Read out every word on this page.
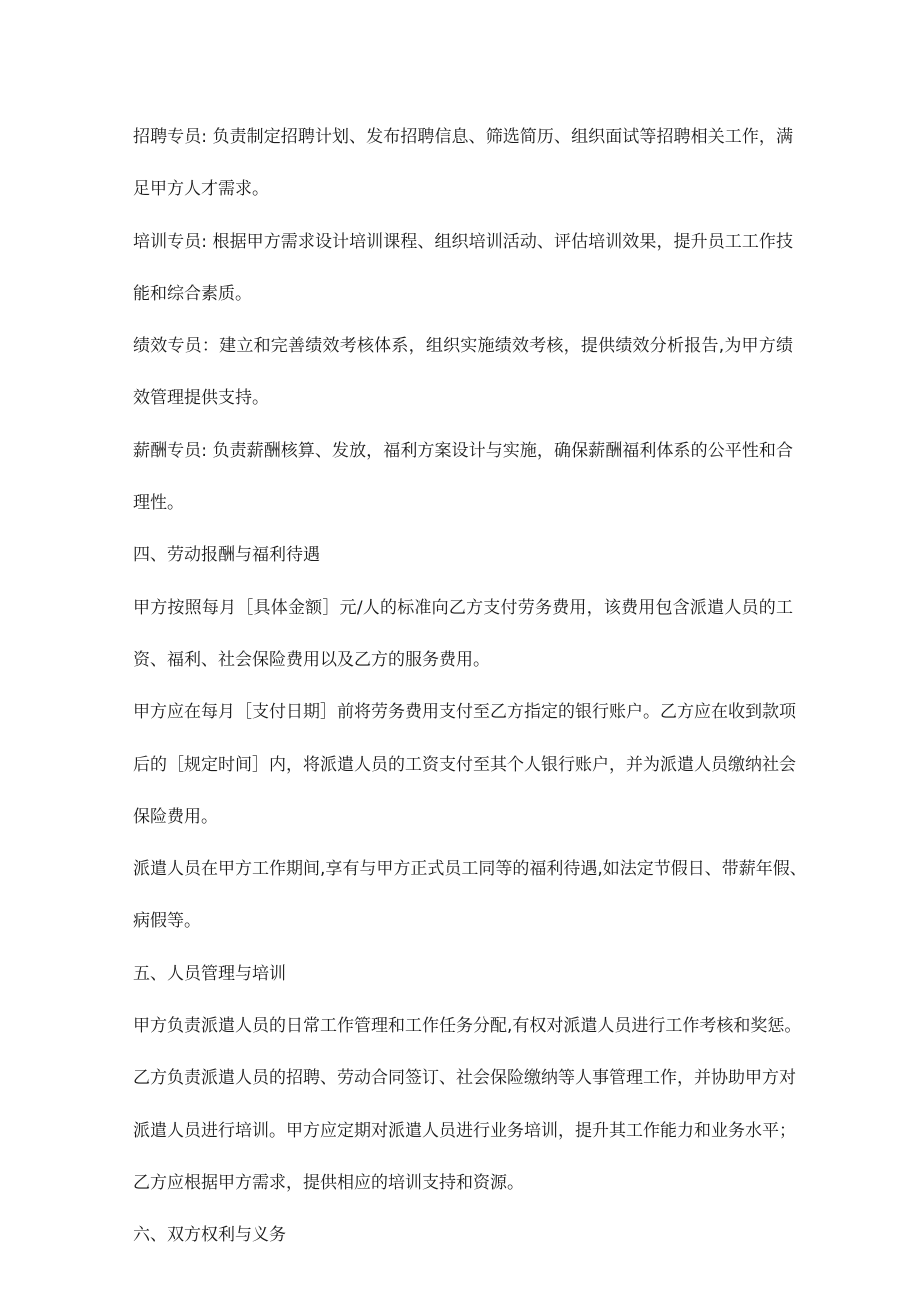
招聘专员: 负责制定招聘计划、发布招聘信息、筛选简历、组织面试等招聘相关工作，满
足甲方人才需求。
培训专员: 根据甲方需求设计培训课程、组织培训活动、评估培训效果，提升员工工作技
能和综合素质。
绩效专员：建立和完善绩效考核体系，组织实施绩效考核，提供绩效分析报告,为甲方绩
效管理提供支持。
薪酬专员: 负责薪酬核算、发放，福利方案设计与实施，确保薪酬福利体系的公平性和合
理性。
四、劳动报酬与福利待遇
甲方按照每月［具体金额］元/人的标准向乙方支付劳务费用，该费用包含派遣人员的工
资、福利、社会保险费用以及乙方的服务费用。
甲方应在每月［支付日期］前将劳务费用支付至乙方指定的银行账户。乙方应在收到款项
后的［规定时间］内，将派遣人员的工资支付至其个人银行账户，并为派遣人员缴纳社会
保险费用。
派遣人员在甲方工作期间,享有与甲方正式员工同等的福利待遇,如法定节假日、带薪年假、
病假等。
五、人员管理与培训
甲方负责派遣人员的日常工作管理和工作任务分配,有权对派遣人员进行工作考核和奖惩。
乙方负责派遣人员的招聘、劳动合同签订、社会保险缴纳等人事管理工作，并协助甲方对
派遣人员进行培训。甲方应定期对派遣人员进行业务培训，提升其工作能力和业务水平；
乙方应根据甲方需求，提供相应的培训支持和资源。
六、双方权利与义务
